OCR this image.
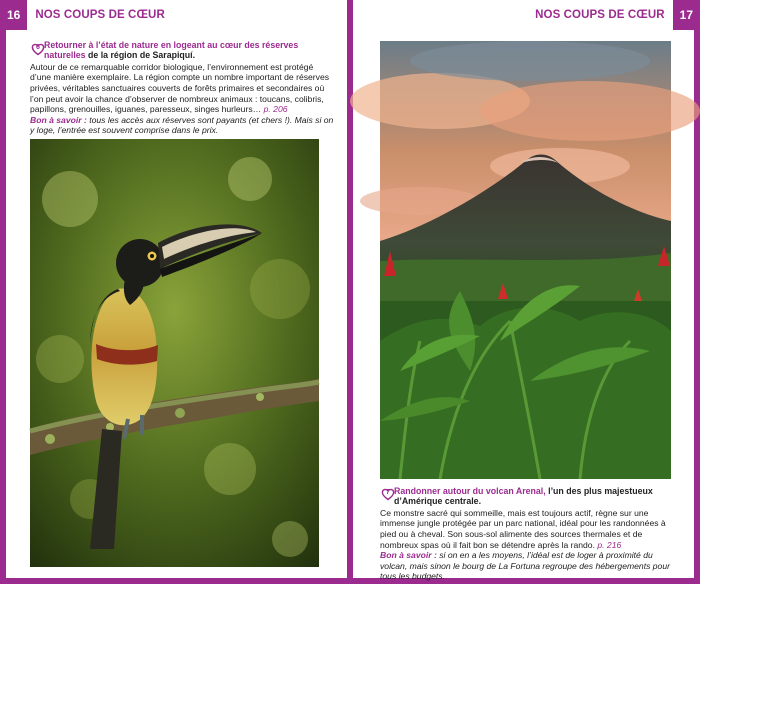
16	NOS COUPS DE CŒUR	NOS COUPS DE CŒUR	17
6 Retourner à l’état de nature en logeant au cœur des réserves naturelles de la région de Sarapiquí.
Autour de ce remarquable corridor biologique, l’environnement est protégé d’une manière exemplaire. La région compte un nombre important de réserves privées, véritables sanctuaires couverts de forêts primaires et secondaires où l’on peut avoir la chance d’observer de nombreux animaux : toucans, colibris, papillons, grenouilles, iguanes, paresseux, singes hurleurs… p. 206
Bon à savoir : tous les accès aux réserves sont payants (et chers !). Mais si on y loge, l’entrée est souvent comprise dans le prix.
© Robert Harding/hemis.fr
© Ocean Eloy/Shutterstock
7 Randonner autour du volcan Arenal, l’un des plus majestueux d’Amérique centrale.
Ce monstre sacré qui sommeille, mais est toujours actif, règne sur une immense jungle protégée par un parc national, idéal pour les randonnées à pied ou à cheval. Son sous-sol alimente des sources thermales et de nombreux spas où il fait bon se détendre après la rando. p. 216
Bon à savoir : si on en a les moyens, l’idéal est de loger à proximité du volcan, mais sinon le bourg de La Fortuna regroupe des hébergements pour tous les budgets.
